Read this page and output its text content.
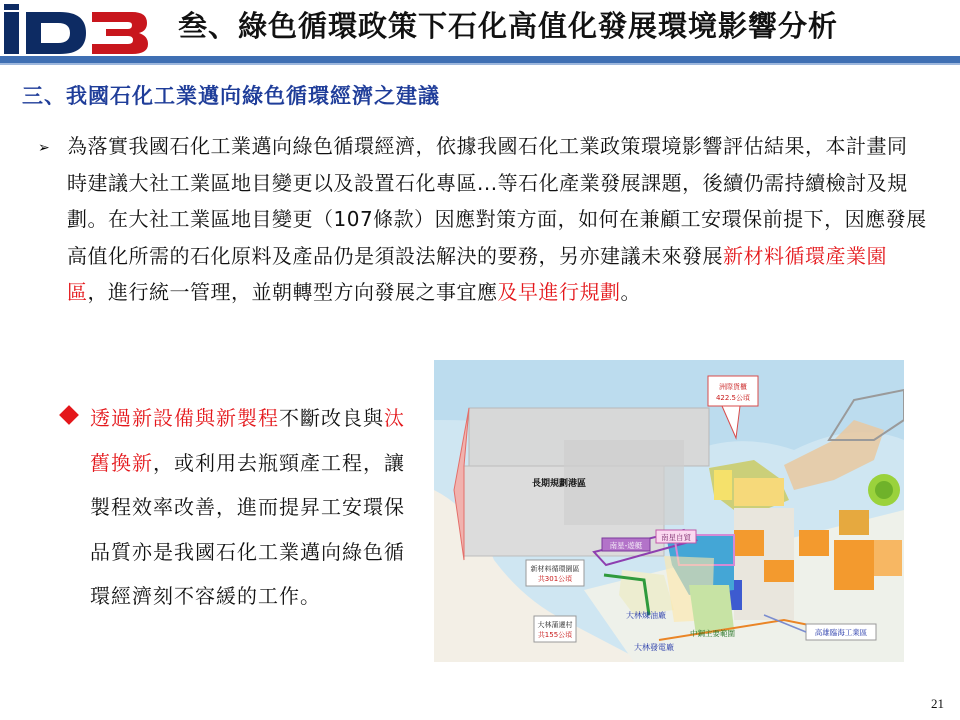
叁、綠色循環政策下石化高值化發展環境影響分析
三、我國石化工業邁向綠色循環經濟之建議
➢ 為落實我國石化工業邁向綠色循環經濟，依據我國石化工業政策環境影響評估結果，本計畫同時建議大社工業區地目變更以及設置石化專區...等石化產業發展課題，後續仍需持續檢討及規劃。在大社工業區地目變更（107條款）因應對策方面，如何在兼顧工安環保前提下，因應發展高值化所需的石化原料及產品仍是須設法解決的要務，另亦建議未來發展新材料循環產業園區，進行統一管理，並朝轉型方向發展之事宜應及早進行規劃。
透過新設備與新製程不斷改良與汰舊換新，或利用去瓶頸產工程，讓製程效率改善，進而提昇工安環保品質亦是我國石化工業邁向綠色循環經濟刻不容緩的工作。
洲際貨櫃
422.5公頃
長期規劃港區
南星-遊艇
南星自貿
新材料循環園區
共301公頃
大林蒲遷村
共155公頃
大林煉油廠
大林發電廠
中鋼主要範圍	高雄臨海工業區
21
